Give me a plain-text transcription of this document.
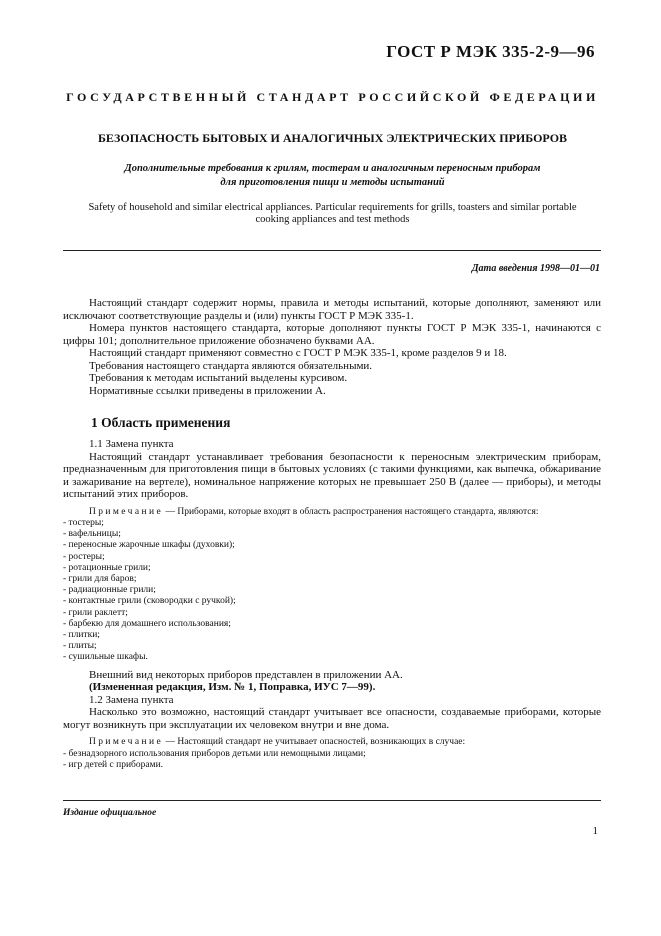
ГОСТ Р МЭК 335-2-9—96
ГОСУДАРСТВЕННЫЙ СТАНДАРТ РОССИЙСКОЙ ФЕДЕРАЦИИ
БЕЗОПАСНОСТЬ БЫТОВЫХ И АНАЛОГИЧНЫХ ЭЛЕКТРИЧЕСКИХ ПРИБОРОВ
Дополнительные требования к грилям, тостерам и аналогичным переносным приборам
для приготовления пищи и методы испытаний
Safety of household and similar electrical appliances. Particular requirements for grills, toasters and similar portable
cooking appliances and test methods
Дата введения 1998—01—01

Настоящий стандарт содержит нормы, правила и методы испытаний, которые дополняют, заменяют или исключают соответствующие разделы и (или) пункты ГОСТ Р МЭК 335-1.

Номера пунктов настоящего стандарта, которые дополняют пункты ГОСТ Р МЭК 335-1, начинаются с цифры 101; дополнительное приложение обозначено буквами АА.

Настоящий стандарт применяют совместно с ГОСТ Р МЭК 335-1, кроме разделов 9 и 18.

Требования настоящего стандарта являются обязательными.

Требования к методам испытаний выделены курсивом.

Нормативные ссылки приведены в приложении А.

1 Область применения

1.1 Замена пункта

Настоящий стандарт устанавливает требования безопасности к переносным электрическим приборам, предназначенным для приготовления пищи в бытовых условиях (с такими функциями, как выпечка, обжаривание и зажаривание на вертеле), номинальное напряжение которых не превышает 250 В (далее — приборы), и методы испытаний этих приборов.

Примечание — Приборами, которые входят в область распространения настоящего стандарта, являются:

- тостеры;
- вафельницы;
- переносные жарочные шкафы (духовки);
- ростеры;
- ротационные грили;
- грили для баров;
- радиационные грили;
- контактные грили (сковородки с ручкой);
- грили раклетт;
- барбекю для домашнего использования;
- плитки;
- плиты;
- сушильные шкафы.

Внешний вид некоторых приборов представлен в приложении АА.

(Измененная редакция, Изм. № 1, Поправка, ИУС 7—99).

1.2 Замена пункта

Насколько это возможно, настоящий стандарт учитывает все опасности, создаваемые приборами, которые могут возникнуть при эксплуатации их человеком внутри и вне дома.

Примечание — Настоящий стандарт не учитывает опасностей, возникающих в случае:

- безнадзорного использования приборов детьми или немощными лицами;
- игр детей с приборами.
Издание официальное
1
